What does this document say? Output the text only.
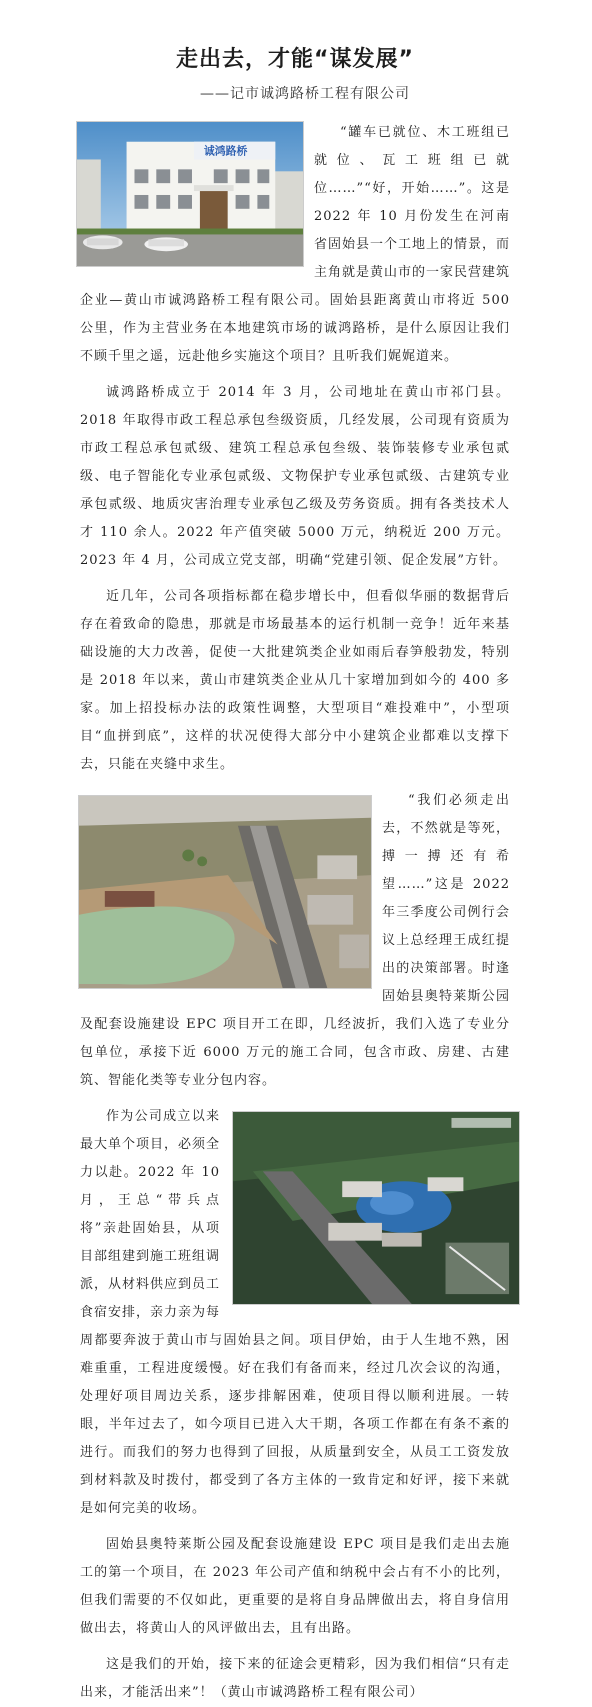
走出去，才能“谋发展”
——记市诚鸿路桥工程有限公司
诚鸿路桥

“罐车已就位、木工班组已就位、瓦工班组已就位……”“好，开始……”。这是 2022 年 10 月份发生在河南省固始县一个工地上的情景，而主角就是黄山市的一家民营建筑企业—黄山市诚鸿路桥工程有限公司。固始县距离黄山市将近 500 公里，作为主营业务在本地建筑市场的诚鸿路桥，是什么原因让我们不顾千里之遥，远赴他乡实施这个项目？且听我们娓娓道来。

诚鸿路桥成立于 2014 年 3 月，公司地址在黄山市祁门县。2018 年取得市政工程总承包叁级资质，几经发展，公司现有资质为市政工程总承包贰级、建筑工程总承包叁级、装饰装修专业承包贰级、电子智能化专业承包贰级、文物保护专业承包贰级、古建筑专业承包贰级、地质灾害治理专业承包乙级及劳务资质。拥有各类技术人才 110 余人。2022 年产值突破 5000 万元，纳税近 200 万元。2023 年 4 月，公司成立党支部，明确“党建引领、促企发展”方针。

近几年，公司各项指标都在稳步增长中，但看似华丽的数据背后存在着致命的隐患，那就是市场最基本的运行机制一竞争！近年来基础设施的大力改善，促使一大批建筑类企业如雨后春笋般勃发，特别是 2018 年以来，黄山市建筑类企业从几十家增加到如今的 400 多家。加上招投标办法的政策性调整，大型项目“难投难中”，小型项目“血拼到底”，这样的状况使得大部分中小建筑企业都难以支撑下去，只能在夹缝中求生。

“我们必须走出去，不然就是等死，搏一搏还有希望……”这是 2022 年三季度公司例行会议上总经理王成红提出的决策部署。时逢固始县奥特莱斯公园及配套设施建设 EPC 项目开工在即，几经波折，我们入选了专业分包单位，承接下近 6000 万元的施工合同，包含市政、房建、古建筑、智能化类等专业分包内容。

作为公司成立以来最大单个项目，必须全力以赴。2022 年 10 月，王总“带兵点将”亲赴固始县，从项目部组建到施工班组调派，从材料供应到员工食宿安排，亲力亲为每周都要奔波于黄山市与固始县之间。项目伊始，由于人生地不熟，困难重重，工程进度缓慢。好在我们有备而来，经过几次会议的沟通，处理好项目周边关系，逐步排解困难，使项目得以顺利进展。一转眼，半年过去了，如今项目已进入大干期，各项工作都在有条不紊的进行。而我们的努力也得到了回报，从质量到安全，从员工工资发放到材料款及时拨付，都受到了各方主体的一致肯定和好评，接下来就是如何完美的收场。

固始县奥特莱斯公园及配套设施建设 EPC 项目是我们走出去施工的第一个项目，在 2023 年公司产值和纳税中会占有不小的比列，但我们需要的不仅如此，更重要的是将自身品牌做出去，将自身信用做出去，将黄山人的风评做出去，且有出路。

这是我们的开始，接下来的征途会更精彩，因为我们相信“只有走出来，才能活出来”！（黄山市诚鸿路桥工程有限公司）
